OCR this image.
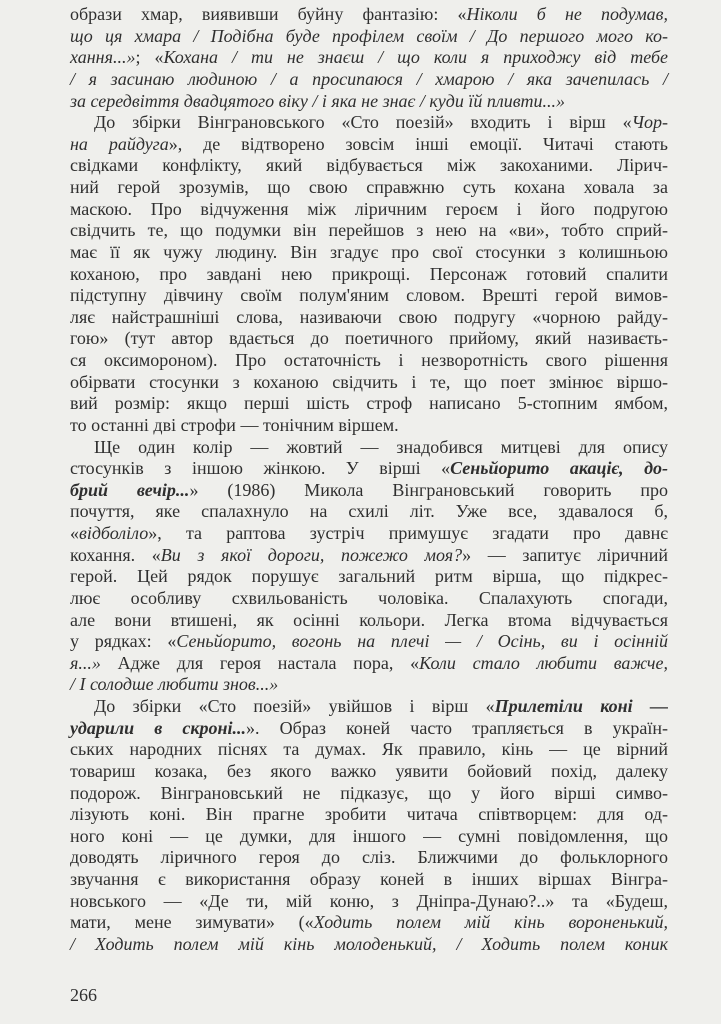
образи хмар, виявивши буйну фантазію: «Ніколи б не подумав,
що ця хмара / Подібна буде профілем своїм / До першого мого ко-
хання...»; «Кохана / ти не знаєш / що коли я приходжу від тебе
/ я засинаю людиною / а просипаюся / хмарою / яка зачепилась /
за середвіття двадцятого віку / і яка не знає / куди їй пливти...»
До збірки Вінграновського «Сто поезій» входить і вірш «Чор-
на райдуга», де відтворено зовсім інші емоції. Читачі стають
свідками конфлікту, який відбувається між закоханими. Лірич-
ний герой зрозумів, що свою справжню суть кохана ховала за
маскою. Про відчуження між ліричним героєм і його подругою
свідчить те, що подумки він перейшов з нею на «ви», тобто сприй-
має її як чужу людину. Він згадує про свої стосунки з колишньою
коханою, про завдані нею прикрощі. Персонаж готовий спалити
підступну дівчину своїм полум'яним словом. Врешті герой вимов-
ляє найстрашніші слова, називаючи свою подругу «чорною райду-
гою» (тут автор вдається до поетичного прийому, який називаєть-
ся оксимороном). Про остаточність і незворотність свого рішення
обірвати стосунки з коханою свідчить і те, що поет змінює віршо-
вий розмір: якщо перші шість строф написано 5-стопним ямбом,
то останні дві строфи — тонічним віршем.
Ще один колір — жовтий — знадобився митцеві для опису
стосунків з іншою жінкою. У вірші «Сеньйорито акаціє, до-
брий вечір...» (1986) Микола Вінграновський говорить про
почуття, яке спалахнуло на схилі літ. Уже все, здавалося б,
«відболіло», та раптова зустріч примушує згадати про давнє
кохання. «Ви з якої дороги, пожежо моя?» — запитує ліричний
герой. Цей рядок порушує загальний ритм вірша, що підкрес-
лює особливу схвильованість чоловіка. Спалахують спогади,
але вони втишені, як осінні кольори. Легка втома відчувається
у рядках: «Сеньйорито, вогонь на плечі — / Осінь, ви і осінній
я...» Адже для героя настала пора, «Коли стало любити важче,
/ І солодше любити знов...»
До збірки «Сто поезій» увійшов і вірш «Прилетіли коні —
ударили в скроні...». Образ коней часто трапляється в україн-
ських народних піснях та думах. Як правило, кінь — це вірний
товариш козака, без якого важко уявити бойовий похід, далеку
подорож. Вінграновський не підказує, що у його вірші симво-
лізують коні. Він прагне зробити читача співтворцем: для од-
ного коні — це думки, для іншого — сумні повідомлення, що
доводять ліричного героя до сліз. Ближчими до фольклорного
звучання є використання образу коней в інших віршах Вінгра-
новського — «Де ти, мій коню, з Дніпра-Дунаю?..» та «Будеш,
мати, мене зимувати» («Ходить полем мій кінь вороненький,
/ Ходить полем мій кінь молоденький, / Ходить полем коник
266
